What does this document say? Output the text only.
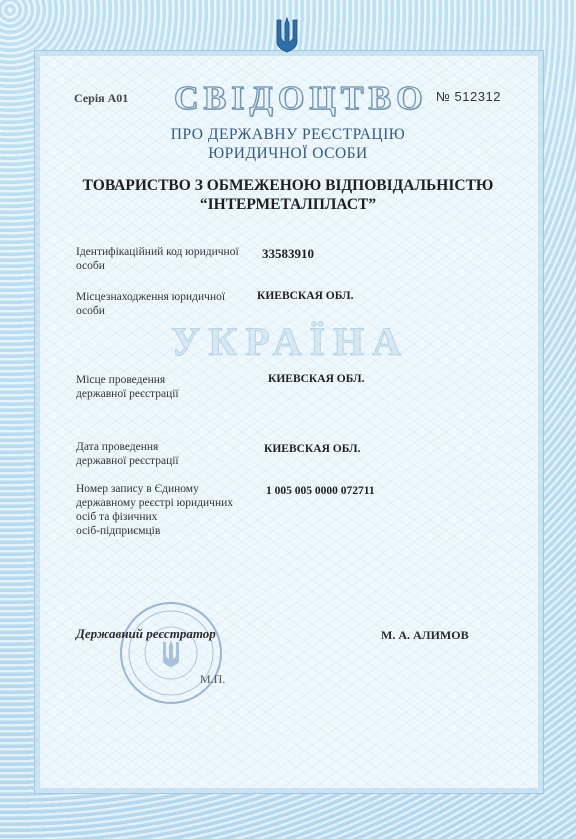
Серія А01	№ 512312
СВІДОЦТВО
ПРО ДЕРЖАВНУ РЕЄСТРАЦІЮ
ЮРИДИЧНОЇ ОСОБИ
ТОВАРИСТВО З ОБМЕЖЕНОЮ ВІДПОВІДАЛЬНІСТЮ
“ІНТЕРМЕТАЛПЛАСТ”
УКРАЇНА
Ідентифікаційний код юридичної
особи
33583910
Місцезнаходження юридичної
особи
КИЕВСКАЯ ОБЛ.
Місце проведення
державної реєстрації
КИЕВСКАЯ ОБЛ.
Дата проведення
державної реєстрації
КИЕВСКАЯ ОБЛ.
Номер запису в Єдиному
державному реєстрі юридичних
осіб та фізичних
осіб-підприємців
1 005 005 0000 072711
Державний реєстратор	М. А. АЛИМОВ
М.П.
